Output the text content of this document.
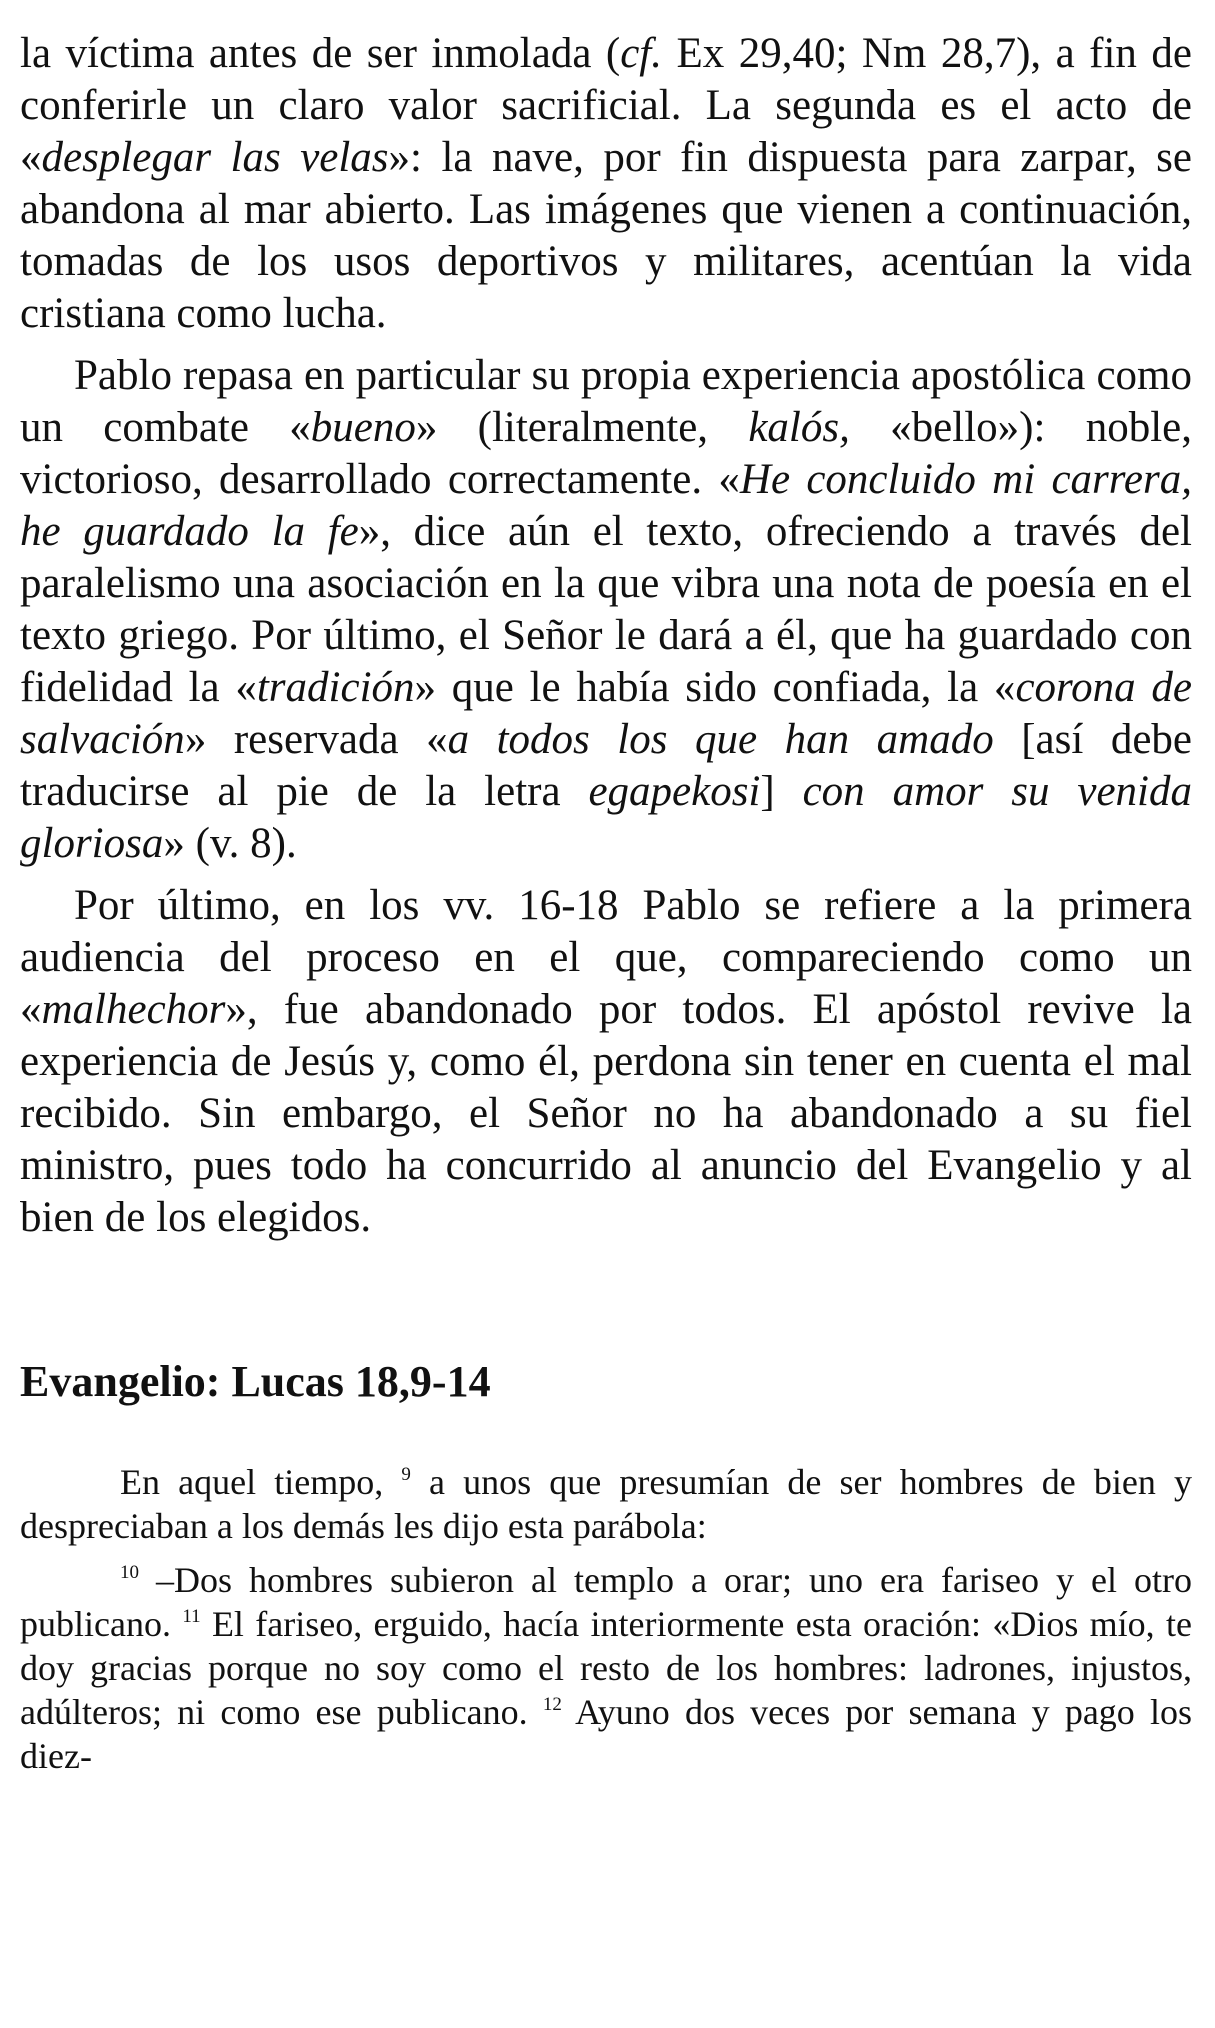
la víctima antes de ser inmolada (cf. Ex 29,40; Nm 28,7), a fin de conferirle un claro valor sacrificial. La segunda es el acto de «desplegar las velas»: la nave, por fin dispuesta para zarpar, se abandona al mar abierto. Las imágenes que vienen a continuación, tomadas de los usos deportivos y militares, acentúan la vida cristiana como lucha.

Pablo repasa en particular su propia experiencia apostólica como un combate «bueno» (literalmente, kalós, «bello»): noble, victorioso, desarrollado correctamente. «He concluido mi carrera, he guardado la fe», dice aún el texto, ofreciendo a través del paralelismo una asociación en la que vibra una nota de poesía en el texto griego. Por último, el Señor le dará a él, que ha guardado con fidelidad la «tradición» que le había sido confiada, la «corona de salvación» reservada «a todos los que han amado [así debe traducirse al pie de la letra egapekosi] con amor su venida gloriosa» (v. 8).

Por último, en los vv. 16-18 Pablo se refiere a la primera audiencia del proceso en el que, compareciendo como un «malhechor», fue abandonado por todos. El apóstol revive la experiencia de Jesús y, como él, perdona sin tener en cuenta el mal recibido. Sin embargo, el Señor no ha abandonado a su fiel ministro, pues todo ha concurrido al anuncio del Evangelio y al bien de los elegidos.

Evangelio: Lucas 18,9-14

En aquel tiempo, $^9$ a unos que presumían de ser hombres de bien y despreciaban a los demás les dijo esta parábola:

$^{10}$ –Dos hombres subieron al templo a orar; uno era fariseo y el otro publicano. $^{11}$ El fariseo, erguido, hacía interiormente esta oración: «Dios mío, te doy gracias porque no soy como el resto de los hombres: ladrones, injustos, adúlteros; ni como ese publicano. $^{12}$ Ayuno dos veces por semana y pago los diez-
